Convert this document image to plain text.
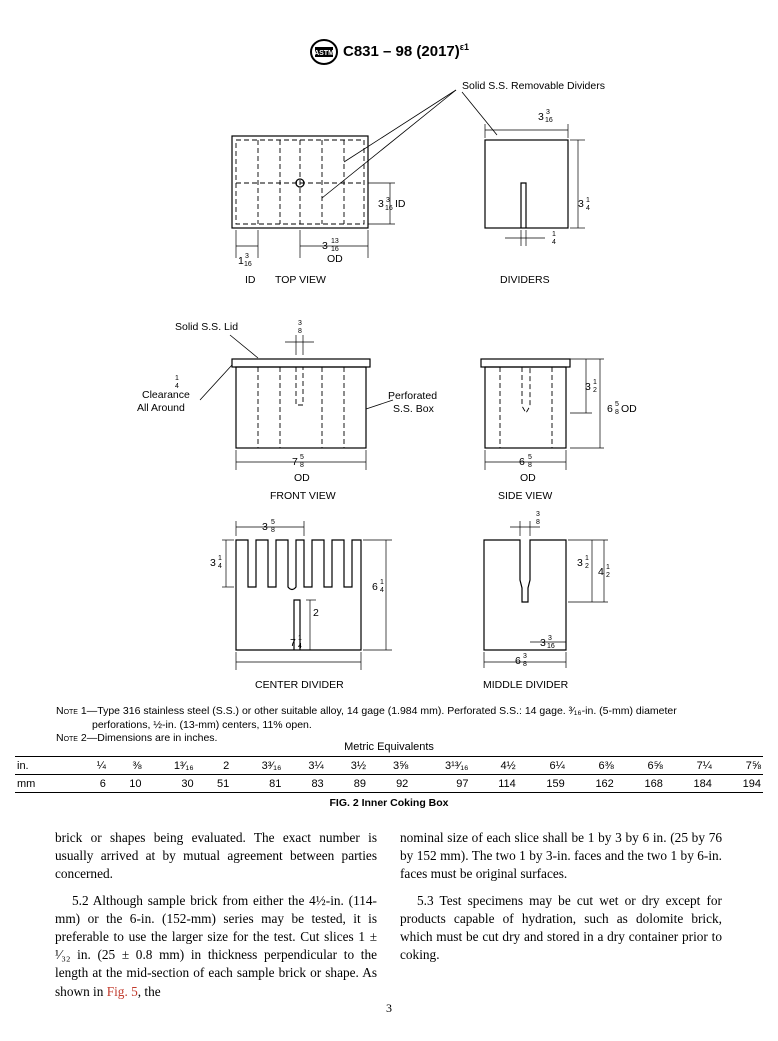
ASTM C831 – 98 $(2017)^{\varepsilon 1}$
Solid S.S. Removable Dividers
ID TOP VIEW	DIVIDERS
ID
OD
3 3
16
1 3
16
3 13
16
3 3
16
3 1
4
1
4
Solid S.S. Lid	3
8
1
4
Clearance
All Around
Perforated
S.S. Box
7 5
8
OD
FRONT VIEW
6 5
8
OD
SIDE VIEW
3 1
2
6 5
8 OD
3 5
8
3 1
4
6 1
4
2
7 1
4
CENTER DIVIDER
3
8
3 1
2 4 1
2
3 3
16
6 3
8
MIDDLE DIVIDER
Note 1—Type 316 stainless steel (S.S.) or other suitable alloy, 14 gage (1.984 mm). Perforated S.S.: 14 gage. ³⁄₁₆-in. (5-mm) diameter
perforations, ½-in. (13-mm) centers, 11% open.
Note 2—Dimensions are in inches.
Metric Equivalents
in.	¼	⅜	1³⁄₁₆	2	3³⁄₁₆	3¼	3½	3⅝	3¹³⁄₁₆	4½	6¼	6⅜	6⅝	7¼	7⅝
mm	6	10	30	51	81	83	89	92	97	114	159	162	168	184	194
FIG. 2 Inner Coking Box

brick or shapes being evaluated. The exact number is usually arrived at by mutual agreement between parties concerned.

5.2 Although sample brick from either the 4½-in. (114-mm) or the 6-in. (152-mm) series may be tested, it is preferable to use the larger size for the test. Cut slices 1 ± ¹⁄₃₂ in. (25 ± 0.8 mm) in thickness perpendicular to the length at the mid-section of each sample brick or shape. As shown in Fig. 5, the

nominal size of each slice shall be 1 by 3 by 6 in. (25 by 76 by 152 mm). The two 1 by 3-in. faces and the two 1 by 6-in. faces must be original surfaces.

5.3 Test specimens may be cut wet or dry except for products capable of hydration, such as dolomite brick, which must be cut dry and stored in a dry container prior to coking.

3
